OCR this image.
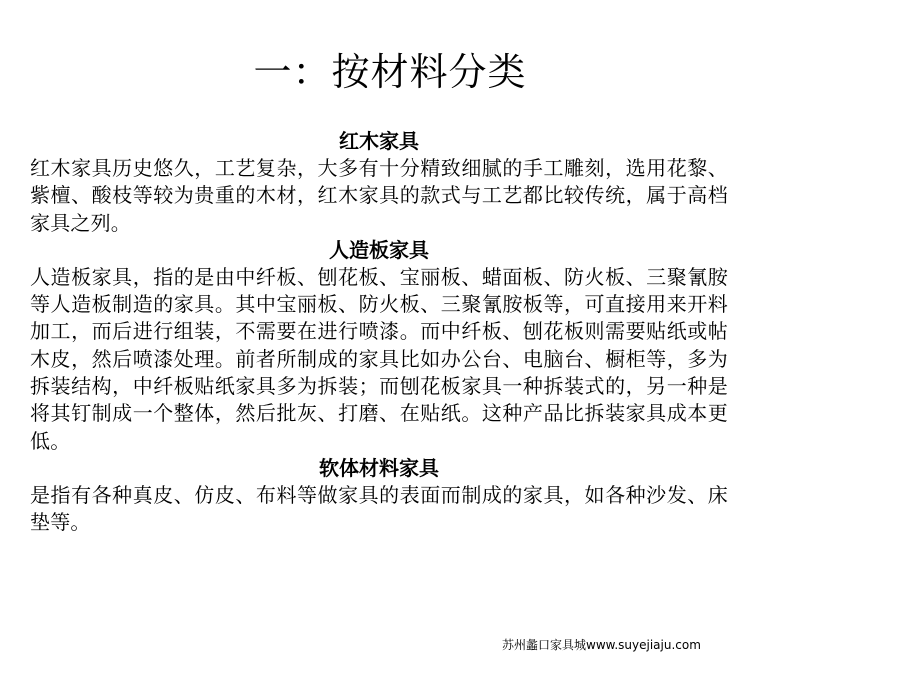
一：按材料分类
红木家具
红木家具历史悠久，工艺复杂，大多有十分精致细腻的手工雕刻，选用花黎、紫檀、酸枝等较为贵重的木材，红木家具的款式与工艺都比较传统，属于高档家具之列。
人造板家具
人造板家具，指的是由中纤板、刨花板、宝丽板、蜡面板、防火板、三聚氰胺等人造板制造的家具。其中宝丽板、防火板、三聚氰胺板等，可直接用来开料加工，而后进行组装，不需要在进行喷漆。而中纤板、刨花板则需要贴纸或帖木皮，然后喷漆处理。前者所制成的家具比如办公台、电脑台、橱柜等，多为拆装结构，中纤板贴纸家具多为拆装；而刨花板家具一种拆装式的，另一种是将其钉制成一个整体，然后批灰、打磨、在贴纸。这种产品比拆装家具成本更低。
软体材料家具
是指有各种真皮、仿皮、布料等做家具的表面而制成的家具，如各种沙发、床垫等。
苏州蠡口家具城www.suyejiaju.com
